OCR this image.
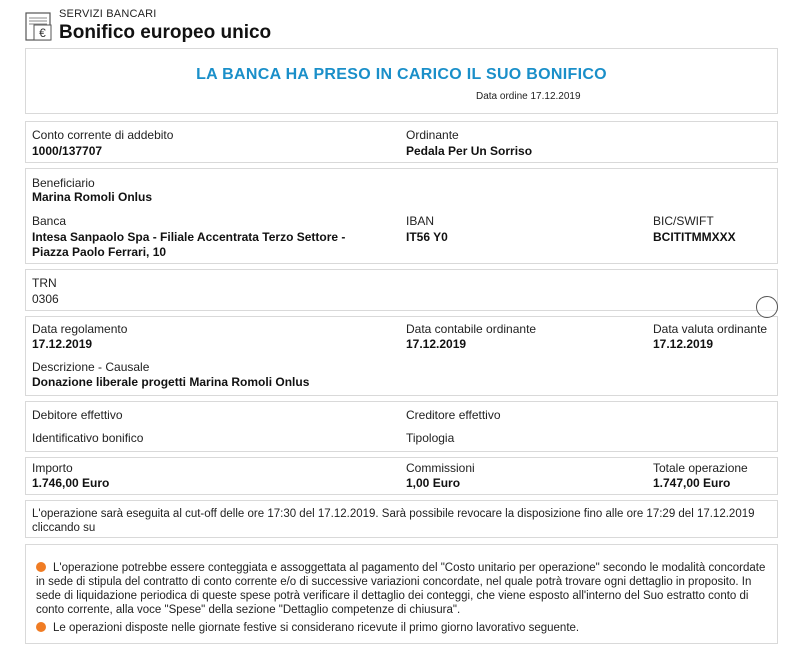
€
SERVIZI BANCARI
Bonifico europeo unico
LA BANCA HA PRESO IN CARICO IL SUO BONIFICO
Data ordine 17.12.2019
Conto corrente di addebito
1000/137707
Ordinante
Pedala Per Un Sorriso
Beneficiario
Marina Romoli Onlus
Banca
Intesa Sanpaolo Spa - Filiale Accentrata Terzo Settore -
Piazza Paolo Ferrari, 10
IBAN
IT56 Y0
BIC/SWIFT
BCITITMMXXX
TRN
0306
Data regolamento
17.12.2019
Data contabile ordinante
17.12.2019
Data valuta ordinante
17.12.2019
Descrizione - Causale
Donazione liberale progetti Marina Romoli Onlus
Debitore effettivo	Creditore effettivo
Identificativo bonifico	Tipologia
Importo
1.746,00 Euro
Commissioni
1,00 Euro
Totale operazione
1.747,00 Euro
L'operazione sarà eseguita al cut-off delle ore 17:30 del 17.12.2019. Sarà possibile revocare la disposizione fino alle ore 17:29 del 17.12.2019 cliccando su
L'operazione potrebbe essere conteggiata e assoggettata al pagamento del "Costo unitario per operazione" secondo le modalità concordate in sede di stipula del contratto di conto corrente e/o di successive variazioni concordate, nel quale potrà trovare ogni dettaglio in proposito. In sede di liquidazione periodica di queste spese potrà verificare il dettaglio dei conteggi, che viene esposto all'interno del Suo estratto conto di conto corrente, alla voce "Spese" della sezione "Dettaglio competenze di chiusura".
Le operazioni disposte nelle giornate festive si considerano ricevute il primo giorno lavorativo seguente.
